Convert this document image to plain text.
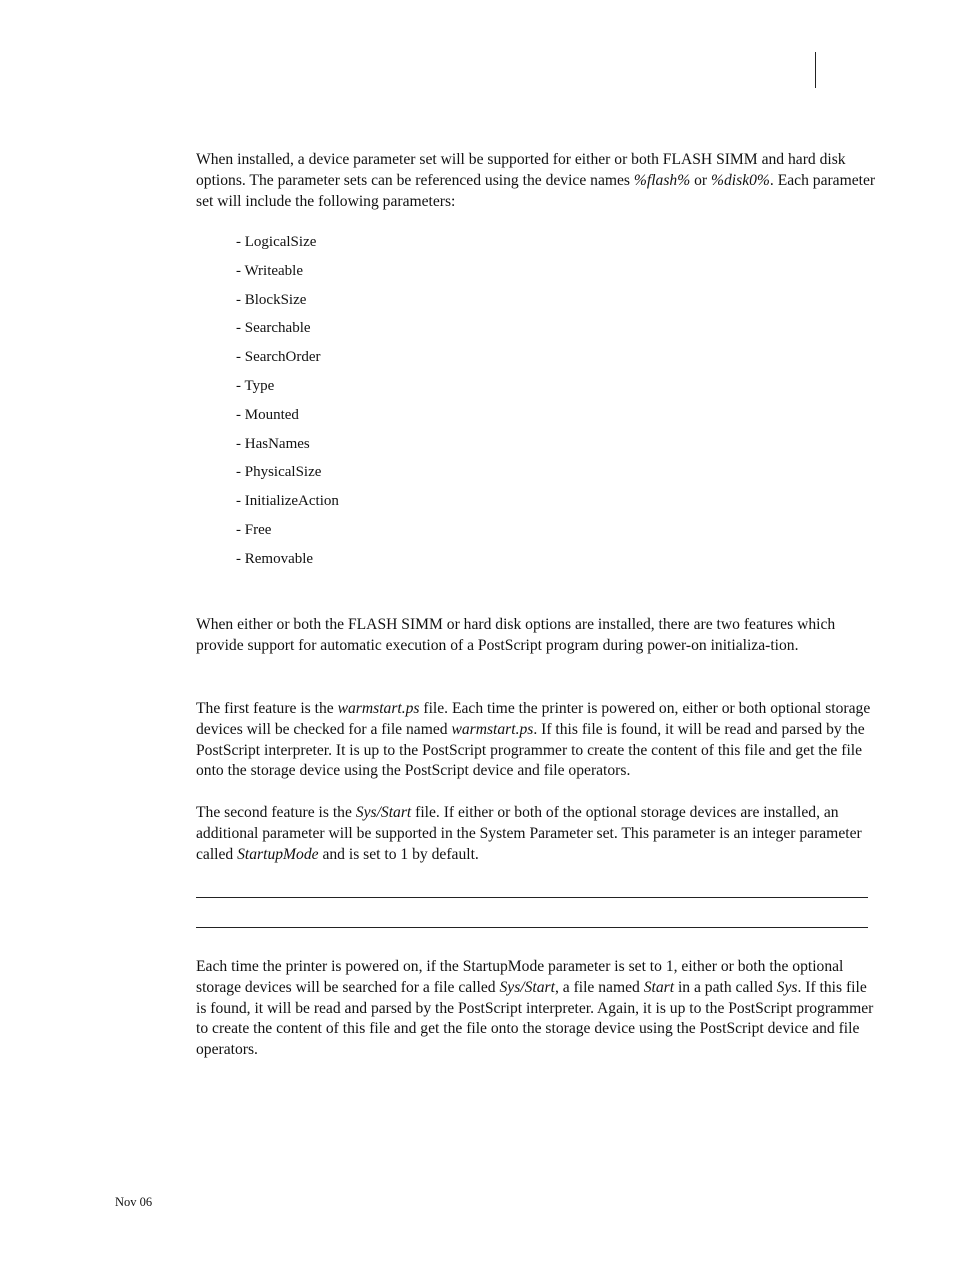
When installed, a device parameter set will be supported for either or both FLASH SIMM and hard disk options. The parameter sets can be referenced using the device names %flash% or %disk0%. Each parameter set will include the following parameters:

- LogicalSize
- Writeable
- BlockSize
- Searchable
- SearchOrder
- Type
- Mounted
- HasNames
- PhysicalSize
- InitializeAction
- Free
- Removable

When either or both the FLASH SIMM or hard disk options are installed, there are two features which provide support for automatic execution of a PostScript program during power-on initializa-tion.

The first feature is the warmstart.ps file. Each time the printer is powered on, either or both optional storage devices will be checked for a file named warmstart.ps. If this file is found, it will be read and parsed by the PostScript interpreter. It is up to the PostScript programmer to create the content of this file and get the file onto the storage device using the PostScript device and file operators.

The second feature is the Sys/Start file. If either or both of the optional storage devices are installed, an additional parameter will be supported in the System Parameter set. This parameter is an integer parameter called StartupMode and is set to 1 by default.

Each time the printer is powered on, if the StartupMode parameter is set to 1, either or both the optional storage devices will be searched for a file called Sys/Start, a file named Start in a path called Sys. If this file is found, it will be read and parsed by the PostScript interpreter. Again, it is up to the PostScript programmer to create the content of this file and get the file onto the storage device using the PostScript device and file operators.

Nov 06
